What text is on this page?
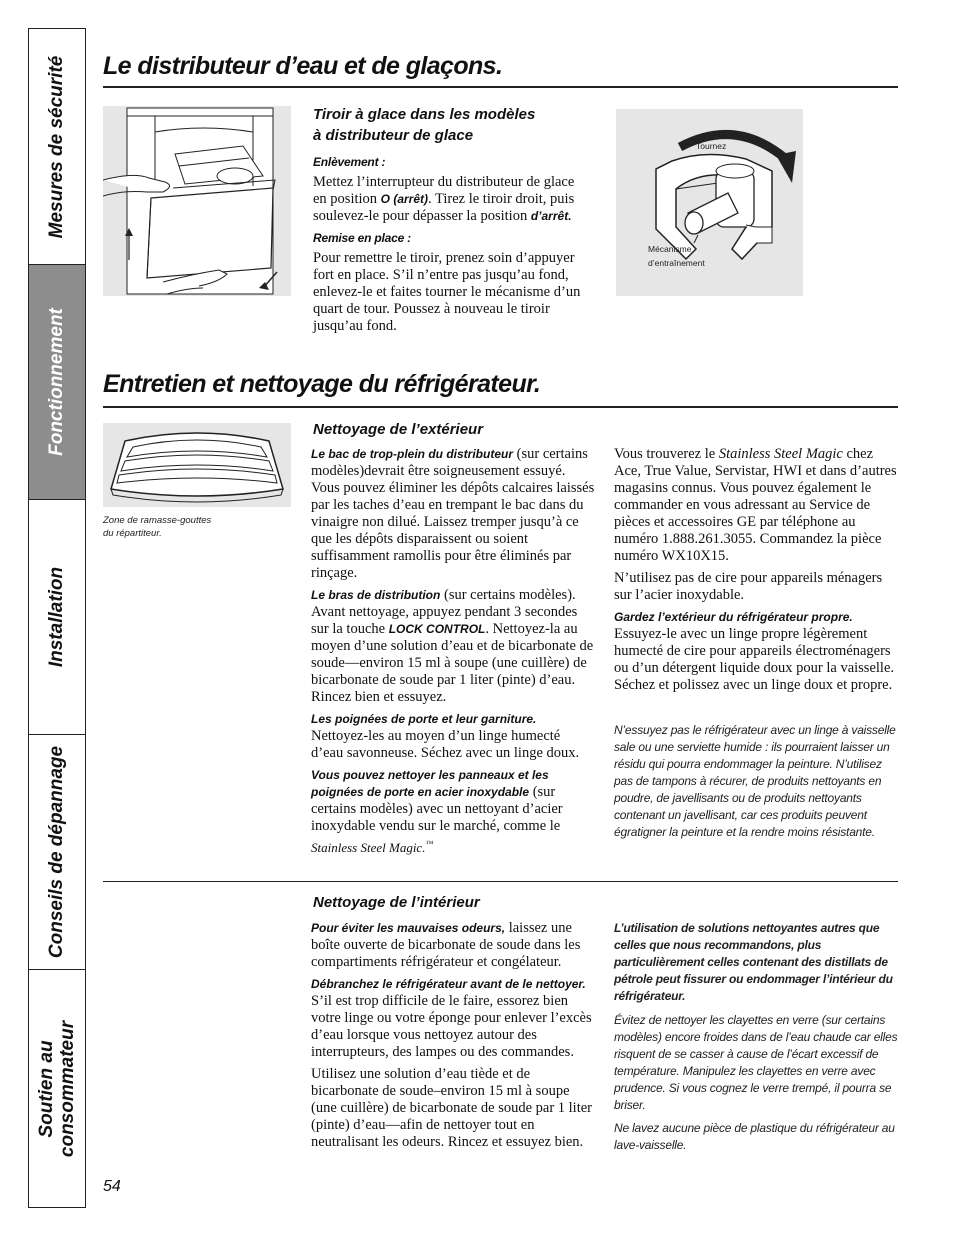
Mesures de sécurité
Fonctionnement
Installation
Conseils de dépannage
Soutien au
consommateur
Le distributeur d’eau et de glaçons.
Tiroir à glace dans les modèles
à distributeur de glace

Enlèvement :

Mettez l’interrupteur du distributeur de glace en position O (arrêt). Tirez le tiroir droit, puis soulevez-le pour dépasser la position d’arrêt.

Remise en place :

Pour remettre le tiroir, prenez soin d’appuyer fort en place. S’il n’entre pas jusqu’au fond, enlevez-le et faites tourner le mécanisme d’un quart de tour. Poussez à nouveau le tiroir jusqu’au fond.

Tournez
Mécanisme
d’entraînement
Entretien et nettoyage du réfrigérateur.
Zone de ramasse-gouttes
du répartiteur.
Nettoyage de l’extérieur

Le bac de trop-plein du distributeur (sur certains modèles)devrait être soigneusement essuyé. Vous pouvez éliminer les dépôts calcaires laissés par les taches d’eau en trempant le bac dans du vinaigre non dilué. Laissez tremper jusqu’à ce que les dépôts disparaissent ou soient suffisamment ramollis pour être éliminés par rinçage.

Le bras de distribution (sur certains modèles). Avant nettoyage, appuyez pendant 3 secondes sur la touche LOCK CONTROL. Nettoyez-la au moyen d’une solution d’eau et de bicarbonate de soude—environ 15 ml à soupe (une cuillère) de bicarbonate de soude par 1 liter (pinte) d’eau. Rincez bien et essuyez.

Les poignées de porte et leur garniture.
Nettoyez-les au moyen d’un linge humecté d’eau savonneuse. Séchez avec un linge doux.

Vous pouvez nettoyer les panneaux et les poignées de porte en acier inoxydable (sur certains modèles) avec un nettoyant d’acier inoxydable vendu sur le marché, comme le Stainless Steel Magic.™

Vous trouverez le Stainless Steel Magic chez Ace, True Value, Servistar, HWI et dans d’autres magasins connus. Vous pouvez également le commander en vous adressant au Service de pièces et accessoires GE par téléphone au numéro 1.888.261.3055. Commandez la pièce numéro WX10X15.

N’utilisez pas de cire pour appareils ménagers sur l’acier inoxydable.

Gardez l’extérieur du réfrigérateur propre.
Essuyez-le avec un linge propre légèrement humecté de cire pour appareils électroménagers ou d’un détergent liquide doux pour la vaisselle. Séchez et polissez avec un linge doux et propre.

N’essuyez pas le réfrigérateur avec un linge à vaisselle sale ou une serviette humide : ils pourraient laisser un résidu qui pourra endommager la peinture. N’utilisez pas de tampons à récurer, de produits nettoyants en poudre, de javellisants ou de produits nettoyants contenant un javellisant, car ces produits peuvent égratigner la peinture et la rendre moins résistante.

Nettoyage de l’intérieur

Pour éviter les mauvaises odeurs, laissez une boîte ouverte de bicarbonate de soude dans les compartiments réfrigérateur et congélateur.

Débranchez le réfrigérateur avant de le nettoyer. S’il est trop difficile de le faire, essorez bien votre linge ou votre éponge pour enlever l’excès d’eau lorsque vous nettoyez autour des interrupteurs, des lampes ou des commandes.

Utilisez une solution d’eau tiède et de bicarbonate de soude–environ 15 ml à soupe (une cuillère) de bicarbonate de soude par 1 liter (pinte) d’eau—afin de nettoyer tout en neutralisant les odeurs. Rincez et essuyez bien.

L’utilisation de solutions nettoyantes autres que celles que nous recommandons, plus particulièrement celles contenant des distillats de pétrole peut fissurer ou endommager l’intérieur du réfrigérateur.

Évitez de nettoyer les clayettes en verre (sur certains modèles) encore froides dans de l’eau chaude car elles risquent de se casser à cause de l’écart excessif de température. Manipulez les clayettes en verre avec prudence. Si vous cognez le verre trempé, il pourra se briser.

Ne lavez aucune pièce de plastique du réfrigérateur au lave-vaisselle.

54
